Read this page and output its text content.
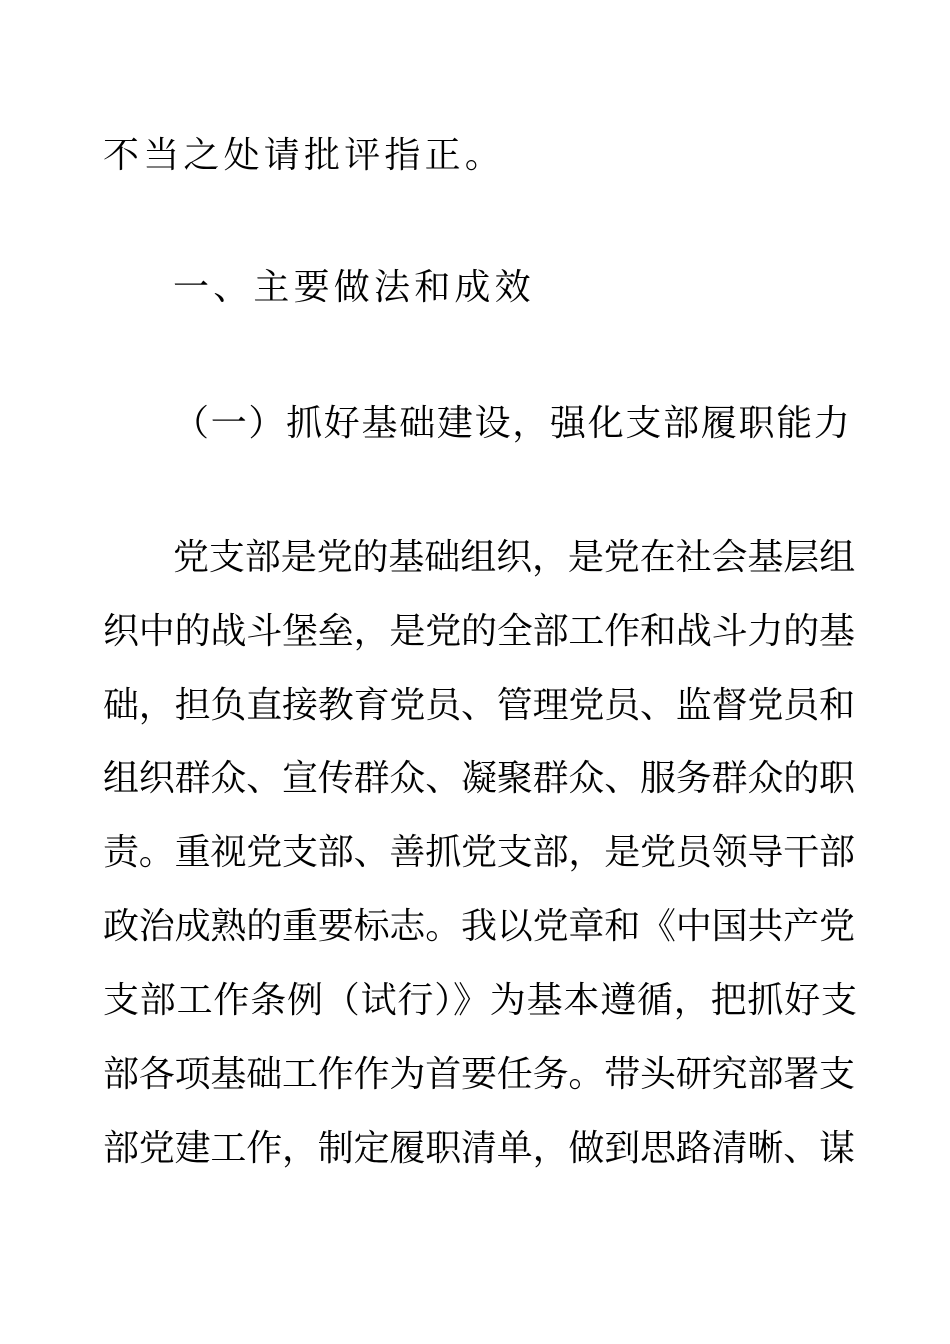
不当之处请批评指正。
一、主要做法和成效
（一）抓好基础建设，强化支部履职能力
党支部是党的基础组织，是党在社会基层组
织中的战斗堡垒，是党的全部工作和战斗力的基
础，担负直接教育党员、管理党员、监督党员和
组织群众、宣传群众、凝聚群众、服务群众的职
责。重视党支部、善抓党支部，是党员领导干部
政治成熟的重要标志。我以党章和《中国共产党
支部工作条例（试行）》为基本遵循，把抓好支
部各项基础工作作为首要任务。带头研究部署支
部党建工作，制定履职清单，做到思路清晰、谋
